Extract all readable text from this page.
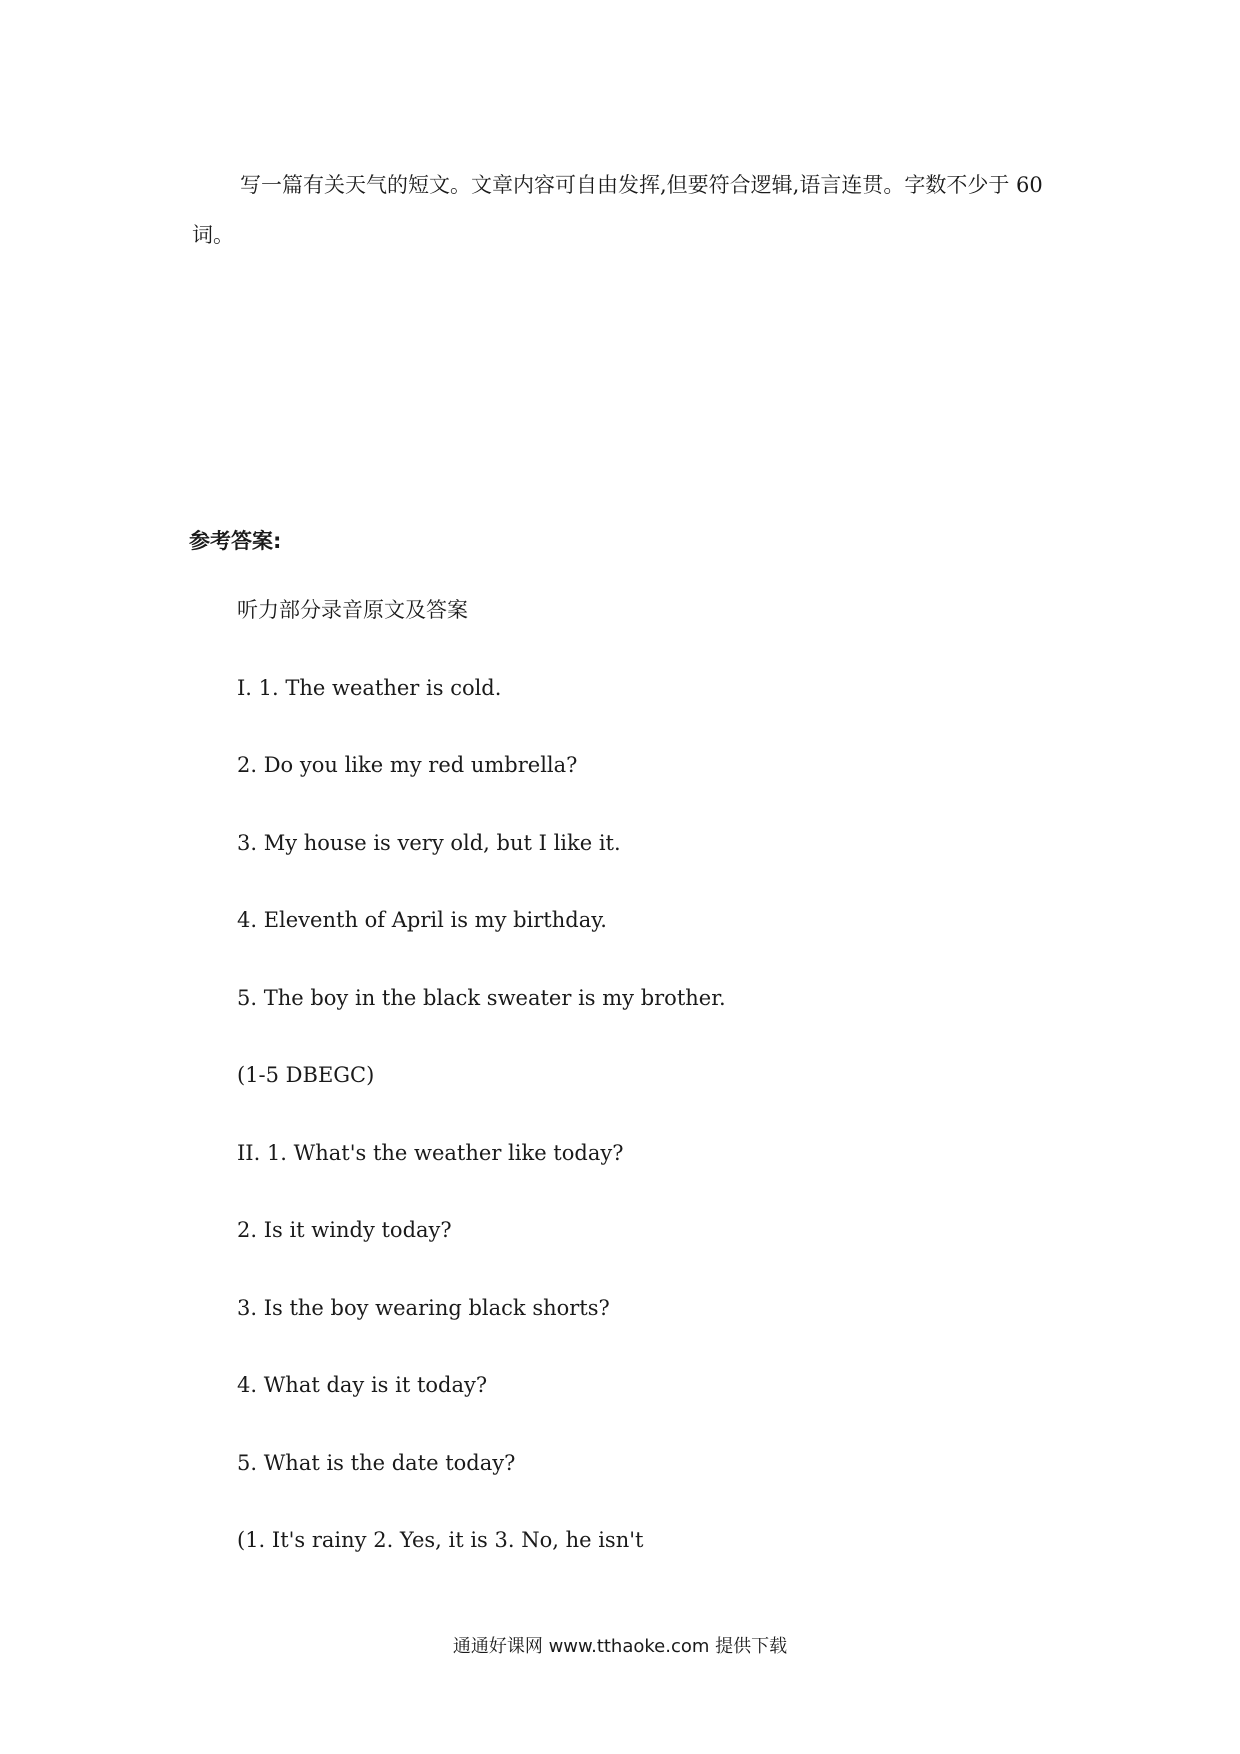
写一篇有关天气的短文。文章内容可自由发挥,但要符合逻辑,语言连贯。字数不少于 60 词。
参考答案:
听力部分录音原文及答案
I. 1. The weather is cold.
2. Do you like my red umbrella?
3. My house is very old, but I like it.
4. Eleventh of April is my birthday.
5. The boy in the black sweater is my brother.
(1-5 DBEGC)
II. 1. What's the weather like today?
2. Is it windy today?
3. Is the boy wearing black shorts?
4. What day is it today?
5. What is the date today?
(1. It's rainy 2. Yes, it is 3. No, he isn't
通通好课网 www.tthaoke.com 提供下载
